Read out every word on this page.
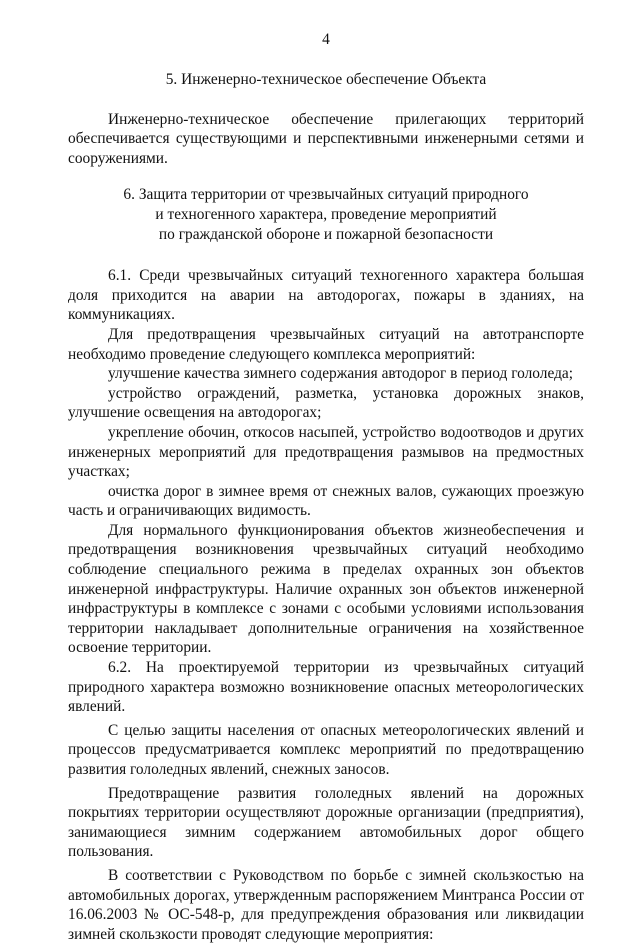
4
5. Инженерно-техническое обеспечение Объекта

Инженерно-техническое обеспечение прилегающих территорий обеспечивается существующими и перспективными инженерными сетями и сооружениями.

6. Защита территории от чрезвычайных ситуаций природного
и техногенного характера, проведение мероприятий
по гражданской обороне и пожарной безопасности

6.1. Среди чрезвычайных ситуаций техногенного характера большая доля приходится на аварии на автодорогах, пожары в зданиях, на коммуникациях.

Для предотвращения чрезвычайных ситуаций на автотранспорте необходимо проведение следующего комплекса мероприятий:

улучшение качества зимнего содержания автодорог в период гололеда;

устройство ограждений, разметка, установка дорожных знаков, улучшение освещения на автодорогах;

укрепление обочин, откосов насыпей, устройство водоотводов и других инженерных мероприятий для предотвращения размывов на предмостных участках;

очистка дорог в зимнее время от снежных валов, сужающих проезжую часть и ограничивающих видимость.

Для нормального функционирования объектов жизнеобеспечения и предотвращения возникновения чрезвычайных ситуаций необходимо соблюдение специального режима в пределах охранных зон объектов инженерной инфраструктуры. Наличие охранных зон объектов инженерной инфраструктуры в комплексе с зонами с особыми условиями использования территории накладывает дополнительные ограничения на хозяйственное освоение территории.

6.2. На проектируемой территории из чрезвычайных ситуаций природного характера возможно возникновение опасных метеорологических явлений.

С целью защиты населения от опасных метеорологических явлений и процессов предусматривается комплекс мероприятий по предотвращению развития гололедных явлений, снежных заносов.

Предотвращение развития гололедных явлений на дорожных покрытиях территории осуществляют дорожные организации (предприятия), занимающиеся зимним содержанием автомобильных дорог общего пользования.

В соответствии с Руководством по борьбе с зимней скользкостью на автомобильных дорогах, утвержденным распоряжением Минтранса России от 16.06.2003 № ОС-548-р, для предупреждения образования или ликвидации зимней скользкости проводят следующие мероприятия:
